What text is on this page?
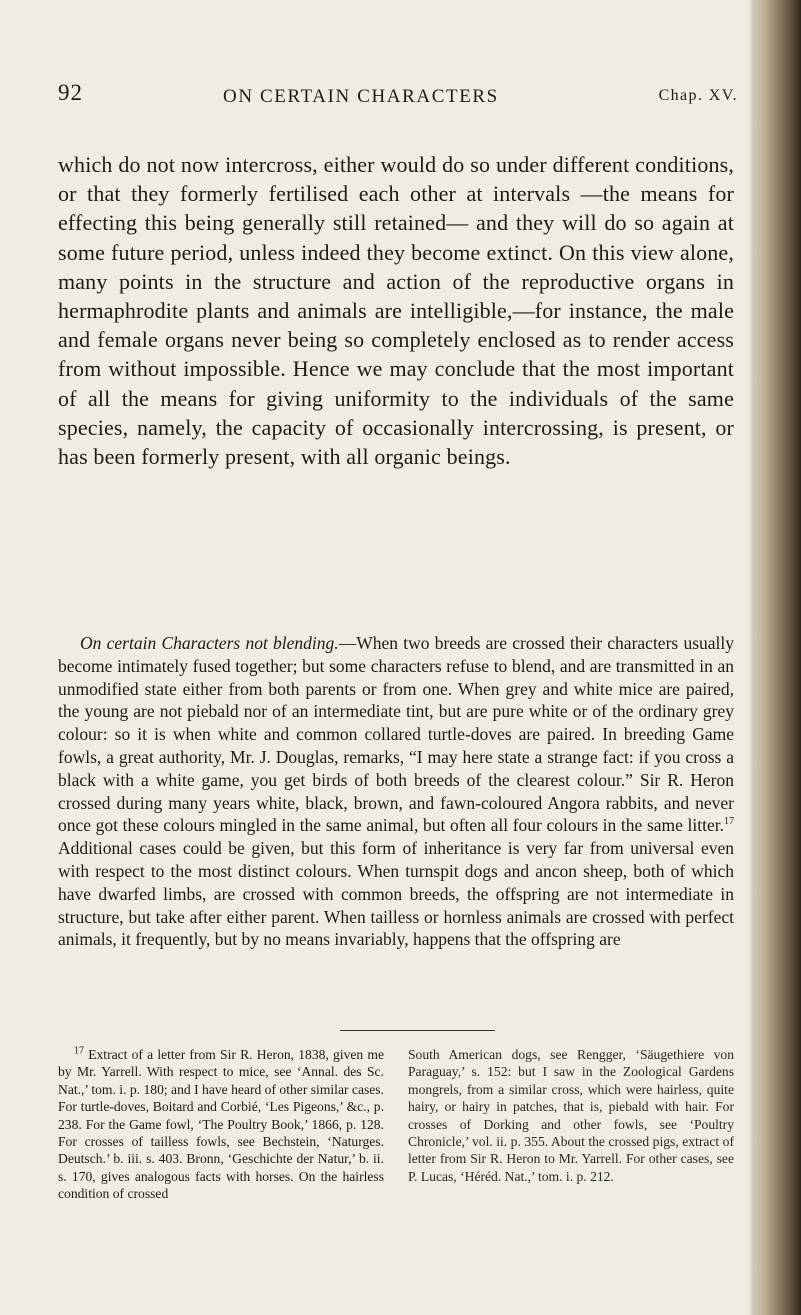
92	ON CERTAIN CHARACTERS	Chap. XV.

which do not now intercross, either would do so under different conditions, or that they formerly fertilised each other at intervals —the means for effecting this being generally still retained— and they will do so again at some future period, unless indeed they become extinct. On this view alone, many points in the structure and action of the reproductive organs in hermaphrodite plants and animals are intelligible,—for instance, the male and female organs never being so completely enclosed as to render access from without impossible. Hence we may conclude that the most important of all the means for giving uniformity to the individuals of the same species, namely, the capacity of occasionally intercrossing, is present, or has been formerly present, with all organic beings.

On certain Characters not blending.—When two breeds are crossed their characters usually become intimately fused together; but some characters refuse to blend, and are transmitted in an unmodified state either from both parents or from one. When grey and white mice are paired, the young are not piebald nor of an intermediate tint, but are pure white or of the ordinary grey colour: so it is when white and common collared turtle-doves are paired. In breeding Game fowls, a great authority, Mr. J. Douglas, remarks, “I may here state a strange fact: if you cross a black with a white game, you get birds of both breeds of the clearest colour.” Sir R. Heron crossed during many years white, black, brown, and fawn-coloured Angora rabbits, and never once got these colours mingled in the same animal, but often all four colours in the same litter.$^{17}$ Additional cases could be given, but this form of inheritance is very far from universal even with respect to the most distinct colours. When turnspit dogs and ancon sheep, both of which have dwarfed limbs, are crossed with common breeds, the offspring are not intermediate in structure, but take after either parent. When tailless or hornless animals are crossed with perfect animals, it frequently, but by no means invariably, happens that the offspring are

$^{17}$ Extract of a letter from Sir R. Heron, 1838, given me by Mr. Yarrell. With respect to mice, see ‘Annal. des Sc. Nat.,’ tom. i. p. 180; and I have heard of other similar cases. For turtle-doves, Boitard and Corbié, ‘Les Pigeons,’ &c., p. 238. For the Game fowl, ‘The Poultry Book,’ 1866, p. 128. For crosses of tailless fowls, see Bechstein, ‘Naturges. Deutsch.’ b. iii. s. 403. Bronn, ‘Geschichte der Natur,’ b. ii. s. 170, gives analogous facts with horses. On the hairless condition of crossed

South American dogs, see Rengger, ‘Säugethiere von Paraguay,’ s. 152: but I saw in the Zoological Gardens mongrels, from a similar cross, which were hairless, quite hairy, or hairy in patches, that is, piebald with hair. For crosses of Dorking and other fowls, see ‘Poultry Chronicle,’ vol. ii. p. 355. About the crossed pigs, extract of letter from Sir R. Heron to Mr. Yarrell. For other cases, see P. Lucas, ‘Héréd. Nat.,’ tom. i. p. 212.
